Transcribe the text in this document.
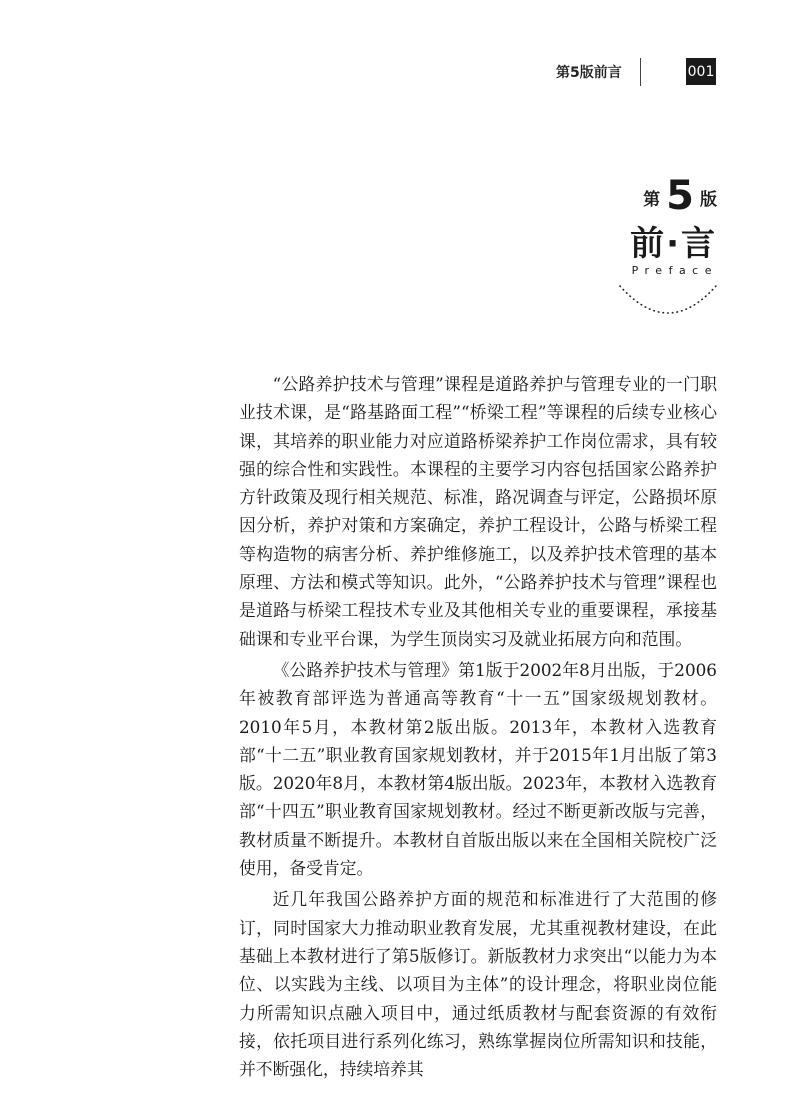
第5版前言	001
第 5 版
前·言
Preface

“公路养护技术与管理”课程是道路养护与管理专业的一门职业技术课，是“路基路面工程”“桥梁工程”等课程的后续专业核心课，其培养的职业能力对应道路桥梁养护工作岗位需求，具有较强的综合性和实践性。本课程的主要学习内容包括国家公路养护方针政策及现行相关规范、标准，路况调查与评定，公路损坏原因分析，养护对策和方案确定，养护工程设计，公路与桥梁工程等构造物的病害分析、养护维修施工，以及养护技术管理的基本原理、方法和模式等知识。此外，“公路养护技术与管理”课程也是道路与桥梁工程技术专业及其他相关专业的重要课程，承接基础课和专业平台课，为学生顶岗实习及就业拓展方向和范围。

《公路养护技术与管理》第1版于2002年8月出版，于2006年被教育部评选为普通高等教育“十一五”国家级规划教材。2010年5月，本教材第2版出版。2013年，本教材入选教育部“十二五”职业教育国家规划教材，并于2015年1月出版了第3版。2020年8月，本教材第4版出版。2023年，本教材入选教育部“十四五”职业教育国家规划教材。经过不断更新改版与完善，教材质量不断提升。本教材自首版出版以来在全国相关院校广泛使用，备受肯定。

近几年我国公路养护方面的规范和标准进行了大范围的修订，同时国家大力推动职业教育发展，尤其重视教材建设，在此基础上本教材进行了第5版修订。新版教材力求突出“以能力为本位、以实践为主线、以项目为主体”的设计理念，将职业岗位能力所需知识点融入项目中，通过纸质教材与配套资源的有效衔接，依托项目进行系列化练习，熟练掌握岗位所需知识和技能，并不断强化，持续培养其
